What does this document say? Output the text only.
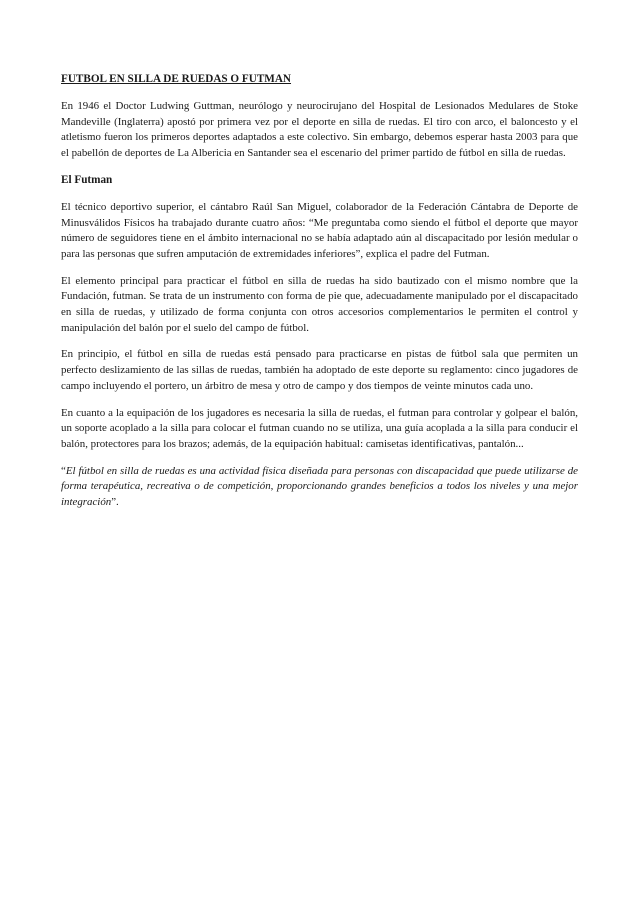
FUTBOL EN SILLA DE RUEDAS O FUTMAN

En 1946 el Doctor Ludwing Guttman, neurólogo y neurocirujano del Hospital de Lesionados Medulares de Stoke Mandeville (Inglaterra) apostó por primera vez por el deporte en silla de ruedas. El tiro con arco, el baloncesto y el atletismo fueron los primeros deportes adaptados a este colectivo. Sin embargo, debemos esperar hasta 2003 para que el pabellón de deportes de La Albericia en Santander sea el escenario del primer partido de fútbol en silla de ruedas.

El Futman

El técnico deportivo superior, el cántabro Raúl San Miguel, colaborador de la Federación Cántabra de Deporte de Minusválidos Físicos ha trabajado durante cuatro años: “Me preguntaba como siendo el fútbol el deporte que mayor número de seguidores tiene en el ámbito internacional no se había adaptado aún al discapacitado por lesión medular o para las personas que sufren amputación de extremidades inferiores”, explica el padre del Futman.

El elemento principal para practicar el fútbol en silla de ruedas ha sido bautizado con el mismo nombre que la Fundación, futman. Se trata de un instrumento con forma de pie que, adecuadamente manipulado por el discapacitado en silla de ruedas, y utilizado de forma conjunta con otros accesorios complementarios le permiten el control y manipulación del balón por el suelo del campo de fútbol.

En principio, el fútbol en silla de ruedas está pensado para practicarse en pistas de fútbol sala que permiten un perfecto deslizamiento de las sillas de ruedas, también ha adoptado de este deporte su reglamento: cinco jugadores de campo incluyendo el portero, un árbitro de mesa y otro de campo y dos tiempos de veinte minutos cada uno.

En cuanto a la equipación de los jugadores es necesaria la silla de ruedas, el futman para controlar y golpear el balón, un soporte acoplado a la silla para colocar el futman cuando no se utiliza, una guía acoplada a la silla para conducir el balón, protectores para los brazos; además, de la equipación habitual: camisetas identificativas, pantalón...

“El fútbol en silla de ruedas es una actividad física diseñada para personas con discapacidad que puede utilizarse de forma terapéutica, recreativa o de competición, proporcionando grandes beneficios a todos los niveles y una mejor integración”.
